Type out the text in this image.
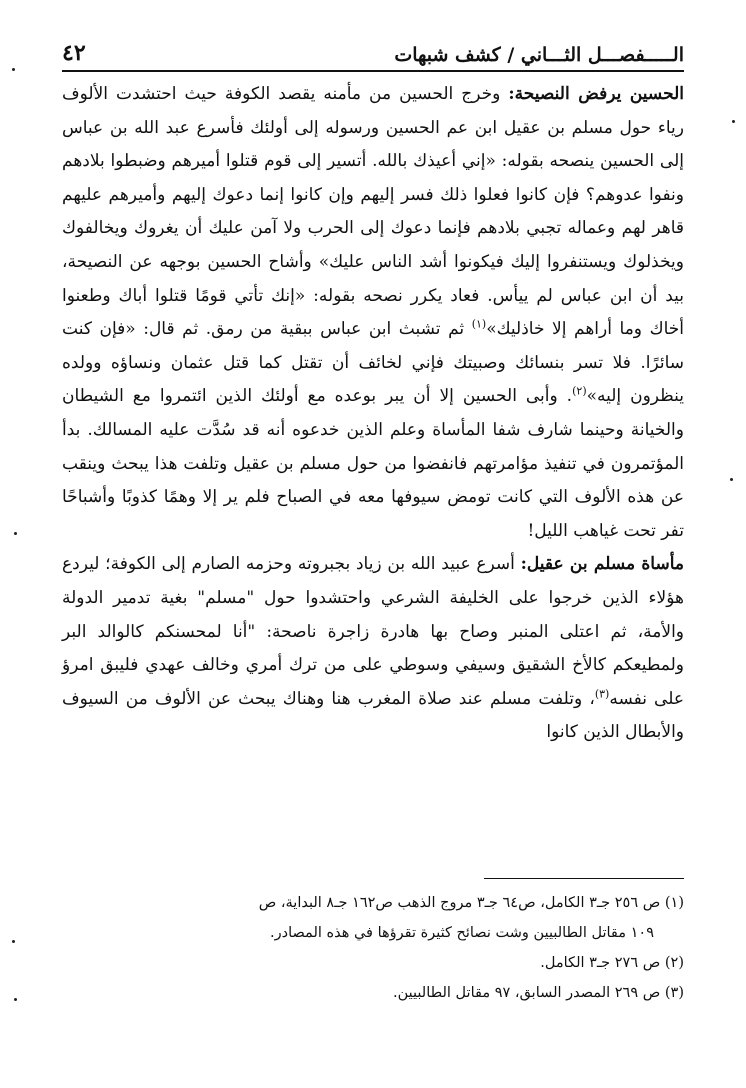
الـــــفصـــل الثـــاني / كشف شبهات
٤٢

الحسين يرفض النصيحة: وخرج الحسين من مأمنه يقصد الكوفة حيث احتشدت الألوف رياء حول مسلم بن عقيل ابن عم الحسين ورسوله إلى أولئك فأسرع عبد الله بن عباس إلى الحسين ينصحه بقوله: «إني أعيذك بالله. أتسير إلى قوم قتلوا أميرهم وضبطوا بلادهم ونفوا عدوهم؟ فإن كانوا فعلوا ذلك فسر إليهم وإن كانوا إنما دعوك إليهم وأميرهم عليهم قاهر لهم وعماله تجبي بلادهم فإنما دعوك إلى الحرب ولا آمن عليك أن يغروك ويخالفوك ويخذلوك ويستنفروا إليك فيكونوا أشد الناس عليك» وأشاح الحسين بوجهه عن النصيحة، بيد أن ابن عباس لم ييأس. فعاد يكرر نصحه بقوله: «إنك تأتي قومًا قتلوا أباك وطعنوا أخاك وما أراهم إلا خاذليك»$^{(١)}$ ثم تشبث ابن عباس ببقية من رمق. ثم قال: «فإن كنت سائرًا. فلا تسر بنسائك وصبيتك فإني لخائف أن تقتل كما قتل عثمان ونساؤه وولده ينظرون إليه»$^{(٢)}$. وأبى الحسين إلا أن يبر بوعده مع أولئك الذين ائتمروا مع الشيطان والخيانة وحينما شارف شفا المأساة وعلم الذين خدعوه أنه قد سُدَّت عليه المسالك. بدأ المؤتمرون في تنفيذ مؤامرتهم فانفضوا من حول مسلم بن عقيل وتلفت هذا يبحث وينقب عن هذه الألوف التي كانت تومض سيوفها معه في الصباح فلم ير إلا وهمًا كذوبًا وأشباحًا تفر تحت غياهب الليل!

مأساة مسلم بن عقيل: أسرع عبيد الله بن زياد بجبروته وحزمه الصارم إلى الكوفة؛ ليردع هؤلاء الذين خرجوا على الخليفة الشرعي واحتشدوا حول "مسلم" بغية تدمير الدولة والأمة، ثم اعتلى المنبر وصاح بها هادرة زاجرة ناصحة: "أنا لمحسنكم كالوالد البر ولمطيعكم كالأخ الشقيق وسيفي وسوطي على من ترك أمري وخالف عهدي فليبق امرؤ على نفسه$^{(٣)}$، وتلفت مسلم عند صلاة المغرب هنا وهناك يبحث عن الألوف من السيوف والأبطال الذين كانوا

(١) ص ٢٥٦ جـ٣ الكامل، ص٦٤ جـ٣ مروج الذهب ص١٦٢ جـ٨ البداية، ص
١٠٩ مقاتل الطالبيين وشت نصائح كثيرة تقرؤها في هذه المصادر.
(٢) ص ٢٧٦ جـ٣ الكامل.
(٣) ص ٢٦٩ المصدر السابق، ٩٧ مقاتل الطالبيين.
